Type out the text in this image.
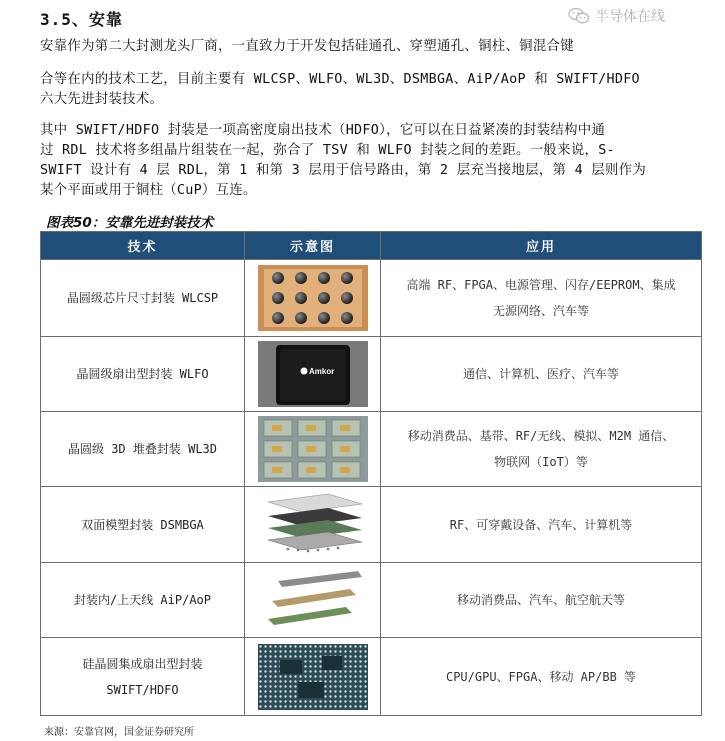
3.5、安靠	半导体在线
安靠作为第二大封测龙头厂商，一直致力于开发包括硅通孔、穿塑通孔、铜柱、铜混合键
合等在内的技术工艺，目前主要有 WLCSP、WLFO、WL3D、DSMBGA、AiP/AoP 和 SWIFT/HDFO
六大先进封装技术。
其中 SWIFT/HDFO 封装是一项高密度扇出技术（HDFO），它可以在日益紧凑的封装结构中通
过 RDL 技术将多组晶片组装在一起，弥合了 TSV 和 WLFO 封装之间的差距。一般来说，S-
SWIFT 设计有 4 层 RDL，第 1 和第 3 层用于信号路由，第 2 层充当接地层，第 4 层则作为
某个平面或用于铜柱（CuP）互连。
图表50：安靠先进封装技术
技术	示意图	应用
晶圆级芯片尺寸封装 WLCSP		高端 RF、FPGA、电源管理、闪存/EEPROM、集成
无源网络、汽车等

晶圆级扇出型封装 WLFO	Amkor	通信、计算机、医疗、汽车等

晶圆级 3D 堆叠封装 WL3D		移动消费品、基带、RF/无线、模拟、M2M 通信、
物联网（IoT）等

双面模塑封装 DSMBGA		RF、可穿戴设备、汽车、计算机等

封装内/上天线 AiP/AoP		移动消费品、汽车、航空航天等

硅晶圆集成扇出型封装
SWIFT/HDFO		CPU/GPU、FPGA、移动 AP/BB 等
来源：安靠官网，国金证券研究所
